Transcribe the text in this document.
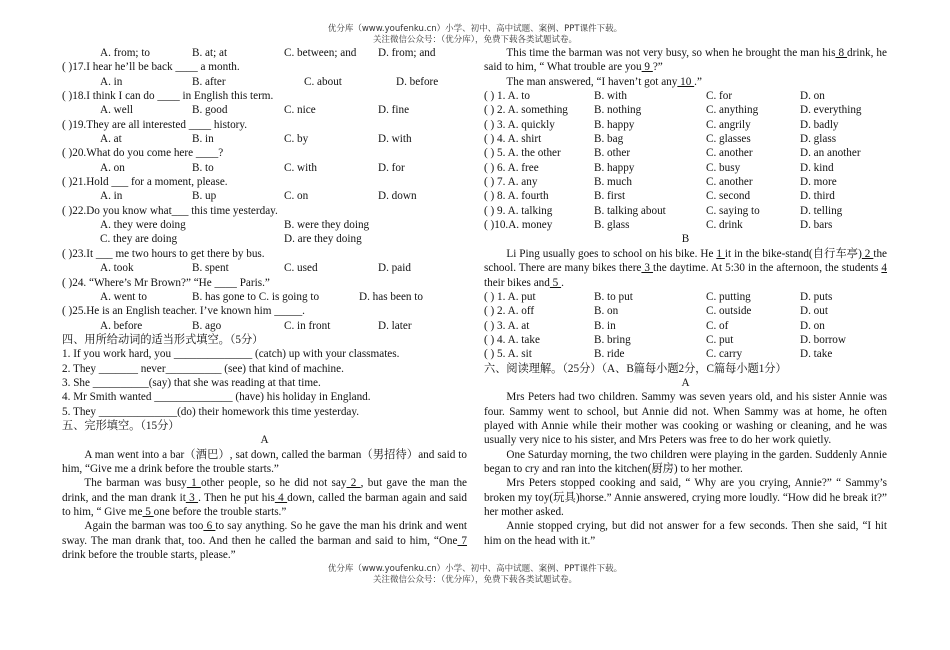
优分库（www.youfenku.cn）小学、初中、高中试题、案例、PPT课件下载。
关注微信公众号：（优分库），免费下载各类试题试卷。
A. from; to	B. at; at	C. between; and D. from; and
( )17.I hear he’ll be back ____ a month.
A. in	B. after	C. about	D. before
( )18.I think I can do ____ in English this term.
A. well	B. good	C. nice	D. fine
( )19.They are all interested ____ history.
A. at	B. in	C. by	D. with
( )20.What do you come here ____?
A. on	B. to	C. with	D. for
( )21.Hold ___ for a moment, please.
A. in	B. up	C. on	D. down
( )22.Do you know what___ this time yesterday.
A. they were doing	B. were they doing
C. they are doing	D. are they doing
( )23.It ___ me two hours to get there by bus.
A. took	B. spent	C. used	D. paid
( )24. “Where’s Mr Brown?” “He ____ Paris.”
A. went to	B. has gone to C. is going to	D. has been to
( )25.He is an English teacher. I’ve known him _____.
A. before	B. ago	C. in front	D. later
四、用所给动词的适当形式填空。（5分）
1. If you work hard, you ______________ (catch) up with your classmates.
2. They _______ never__________ (see) that kind of machine.
3. She __________(say) that she was reading at that time.
4. Mr Smith wanted ______________ (have) his holiday in England.
5. They ______________(do) their homework this time yesterday.
五、完形填空。（15分）
A
A man went into a bar（酒巴）, sat down, called the barman（男招待）and said to him, “Give me a drink before the trouble starts.”
The barman was busy 1 other people, so he did not say 2 , but gave the man the drink, and the man drank it 3 . Then he put his 4 down, called the barman again and said to him, “ Give me 5 one before the trouble starts.”
Again the barman was too 6 to say anything. So he gave the man his drink and went sway. The man drank that, too. And then he called the barman and said to him, “One 7 drink before the trouble starts, please.”
This time the barman was not very busy, so when he brought the man his 8 drink, he said to him, “ What trouble are you 9 ?”
The man answered, “I haven’t got any 10 .”
( ) 1. A. to	B. with	C. for	D. on
( ) 2. A. something B. nothing	C. anything	D. everything
( ) 3. A. quickly	B. happy	C. angrily	D. badly
( ) 4. A. shirt	B. bag	C. glasses	D. glass
( ) 5. A. the other	B. other	C. another	D. an another
( ) 6. A. free	B. happy	C. busy	D. kind
( ) 7. A. any	B. much	C. another	D. more
( ) 8. A. fourth	B. first	C. second	D. third
( ) 9. A. talking	B. talking about	C. saying to	D. telling
( )10.A. money	B. glass	C. drink	D. bars
B
Li Ping usually goes to school on his bike. He 1 it in the bike-stand(自行车亭) 2 the school. There are many bikes there 3 the daytime. At 5:30 in the afternoon, the students 4 their bikes and 5 .
( ) 1. A. put	B. to put	C. putting	D. puts
( ) 2. A. off	B. on	C. outside	D. out
( ) 3. A. at	B. in	C. of	D. on
( ) 4. A. take	B. bring	C. put	D. borrow
( ) 5. A. sit	B. ride	C. carry	D. take
六、阅读理解。（25分）（A、B篇每小题2分，C篇每小题1分）
A
Mrs Peters had two children. Sammy was seven years old, and his sister Annie was four. Sammy went to school, but Annie did not. When Sammy was at home, he often played with Annie while their mother was cooking or washing or cleaning, and he was usually very nice to his sister, and Mrs Peters was free to do her work quietly.
One Saturday morning, the two children were playing in the garden. Suddenly Annie began to cry and ran into the kitchen(厨房) to her mother.
Mrs Peters stopped cooking and said, “ Why are you crying, Annie?” “ Sammy’s broken my toy(玩具)horse.” Annie answered, crying more loudly. “How did he break it?” her mother asked.
Annie stopped crying, but did not answer for a few seconds. Then she said, “I hit him on the head with it.”
优分库（www.youfenku.cn）小学、初中、高中试题、案例、PPT课件下载。
关注微信公众号：（优分库），免费下载各类试题试卷。
